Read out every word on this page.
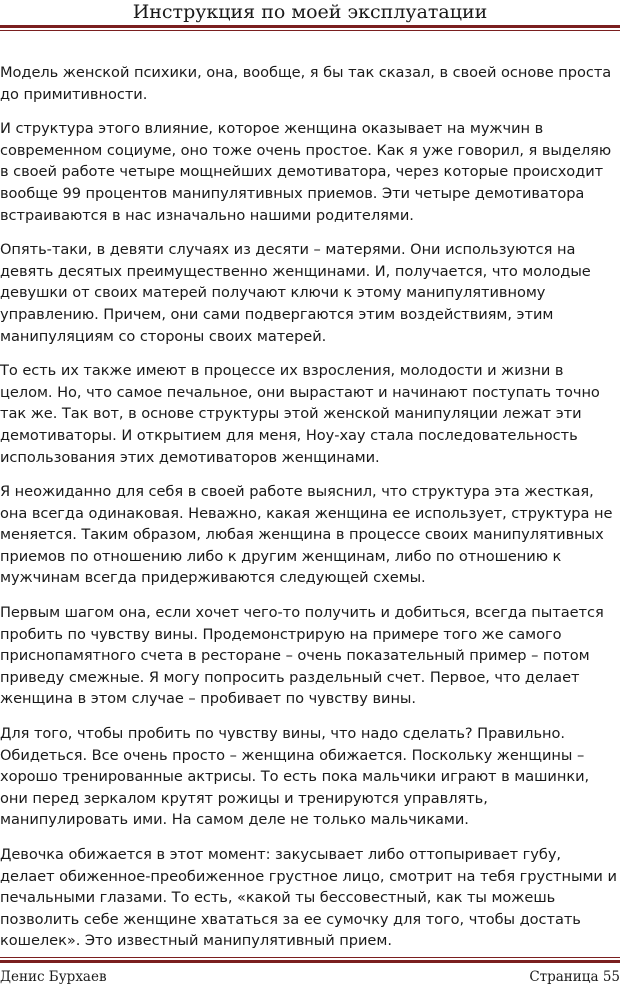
Инструкция по моей эксплуатации

Модель женской психики, она, вообще, я бы так сказал, в своей основе проста до примитивности.

И структура этого влияние, которое женщина оказывает на мужчин в современном социуме, оно тоже очень простое. Как я уже говорил, я выделяю в своей работе четыре мощнейших демотиватора, через которые происходит вообще 99 процентов манипулятивных приемов. Эти четыре демотиватора встраиваются в нас изначально нашими родителями.

Опять-таки, в девяти случаях из десяти – матерями. Они используются на девять десятых преимущественно женщинами. И, получается, что молодые девушки от своих матерей получают ключи к этому манипулятивному управлению. Причем, они сами подвергаются этим воздействиям, этим манипуляциям со стороны своих матерей.

То есть их также имеют в процессе их взросления, молодости и жизни в целом. Но, что самое печальное, они вырастают и начинают поступать точно так же. Так вот, в основе структуры этой женской манипуляции лежат эти демотиваторы. И открытием для меня, Ноу-хау стала последовательность использования этих демотиваторов женщинами.

Я неожиданно для себя в своей работе выяснил, что структура эта жесткая, она всегда одинаковая. Неважно, какая женщина ее использует, структура не меняется. Таким образом, любая женщина в процессе своих манипулятивных приемов по отношению либо к другим женщинам, либо по отношению к мужчинам всегда придерживаются следующей схемы.

Первым шагом она, если хочет чего-то получить и добиться, всегда пытается пробить по чувству вины. Продемонстрирую на примере того же самого приснопамятного счета в ресторане – очень показательный пример – потом приведу смежные. Я могу попросить раздельный счет. Первое, что делает женщина в этом случае – пробивает по чувству вины.

Для того, чтобы пробить по чувству вины, что надо сделать? Правильно. Обидеться. Все очень просто – женщина обижается. Поскольку женщины – хорошо тренированные актрисы. То есть пока мальчики играют в машинки, они перед зеркалом крутят рожицы и тренируются управлять, манипулировать ими. На самом деле не только мальчиками.

Девочка обижается в этот момент: закусывает либо оттопыривает губу, делает обиженное-преобиженное грустное лицо, смотрит на тебя грустными и печальными глазами. То есть, «какой ты бессовестный, как ты можешь позволить себе женщине хвататься за ее сумочку для того, чтобы достать кошелек». Это известный манипулятивный прием.

Денис Бурхаев	Страница 55
